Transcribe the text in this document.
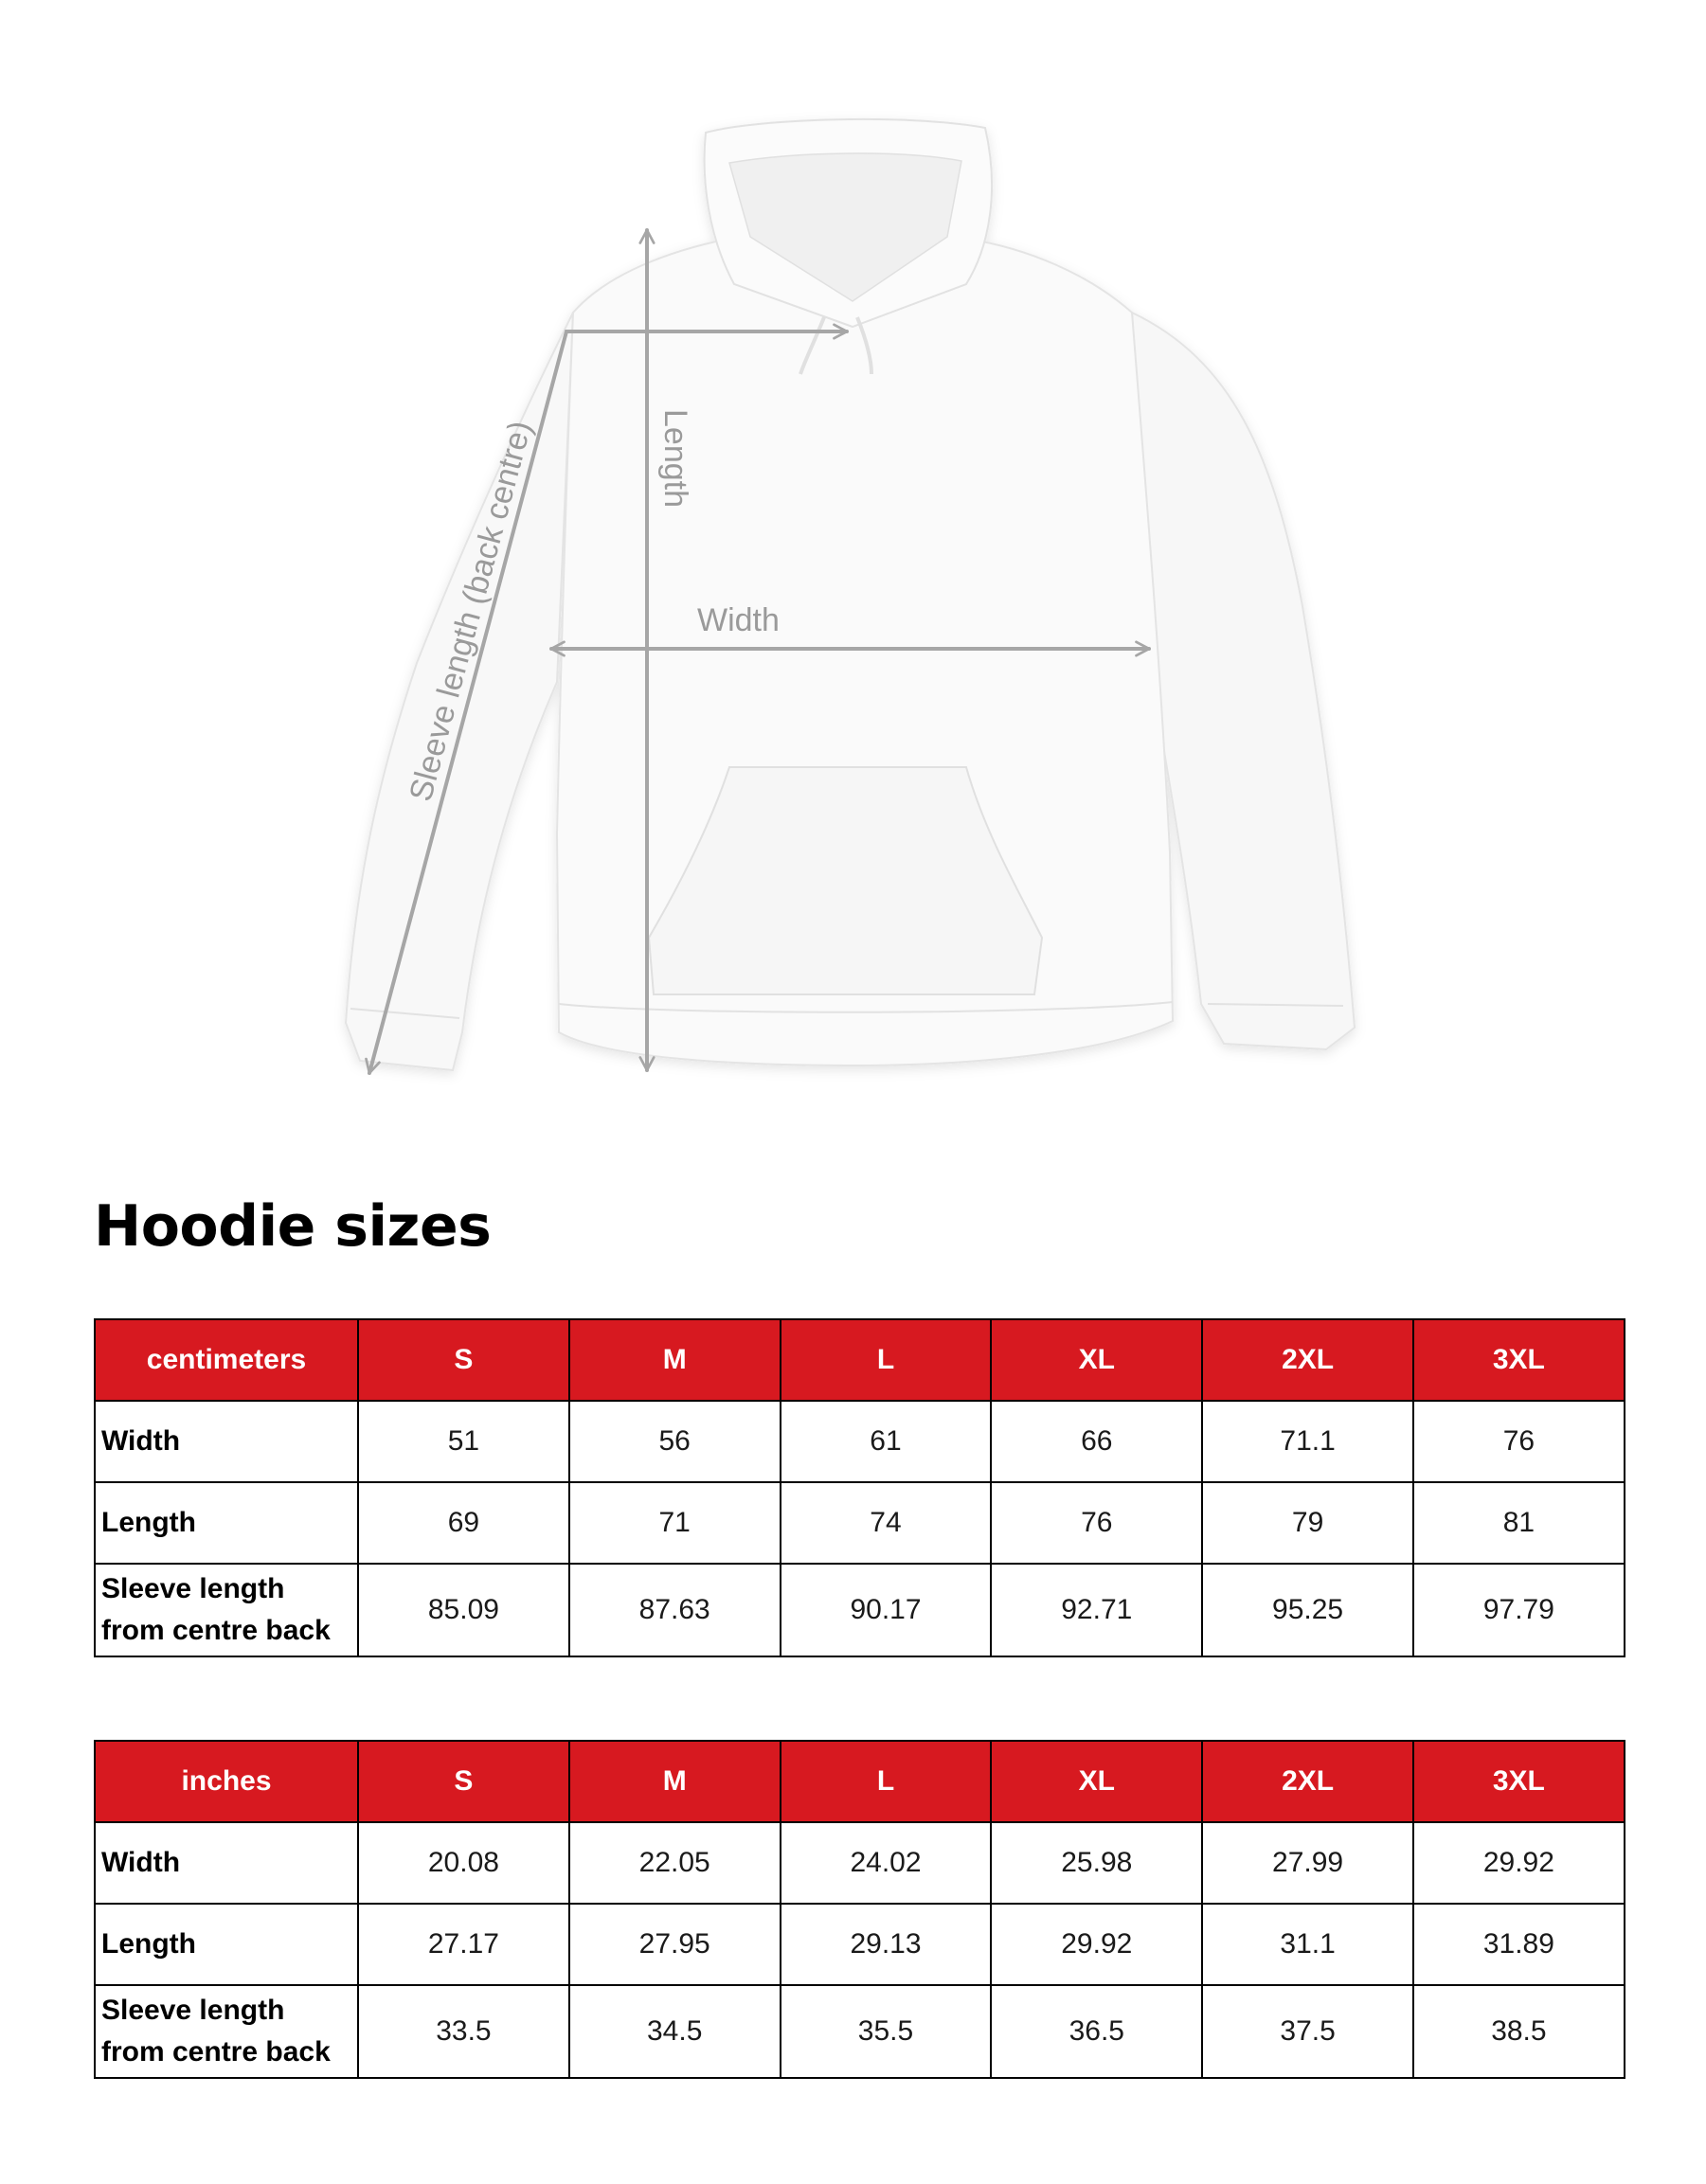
Length
Width
Sleeve length (back centre)
Hoodie sizes
centimeters	S	M	L	XL	2XL	3XL
Width	51	56	61	66	71.1	76
Length	69	71	74	76	79	81
Sleeve length
from centre back	85.09	87.63	90.17	92.71	95.25	97.79
inches	S	M	L	XL	2XL	3XL
Width	20.08	22.05	24.02	25.98	27.99	29.92
Length	27.17	27.95	29.13	29.92	31.1	31.89
Sleeve length
from centre back	33.5	34.5	35.5	36.5	37.5	38.5
